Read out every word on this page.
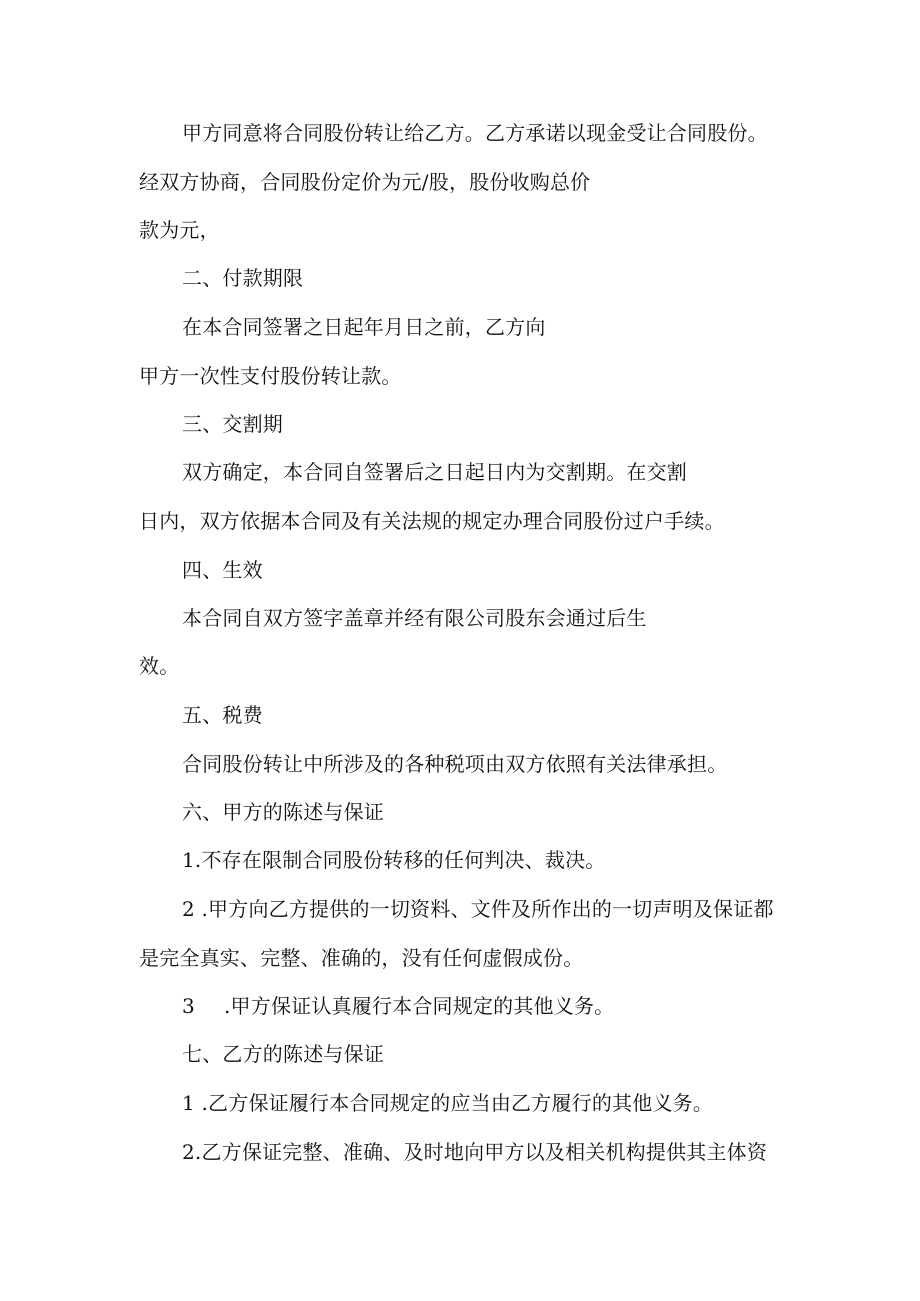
甲方同意将合同股份转让给乙方。乙方承诺以现金受让合同股份。
经双方协商，合同股份定价为元/股，股份收购总价
款为元，
二、付款期限
在本合同签署之日起年月日之前，乙方向
甲方一次性支付股份转让款。
三、交割期
双方确定，本合同自签署后之日起日内为交割期。在交割
日内，双方依据本合同及有关法规的规定办理合同股份过户手续。
四、生效
本合同自双方签字盖章并经有限公司股东会通过后生
效。
五、税费
合同股份转让中所涉及的各种税项由双方依照有关法律承担。
六、甲方的陈述与保证
1.不存在限制合同股份转移的任何判决、裁决。
2 .甲方向乙方提供的一切资料、文件及所作出的一切声明及保证都
是完全真实、完整、准确的，没有任何虚假成份。
3 .甲方保证认真履行本合同规定的其他义务。
七、乙方的陈述与保证
1 .乙方保证履行本合同规定的应当由乙方履行的其他义务。
2.乙方保证完整、准确、及时地向甲方以及相关机构提供其主体资
